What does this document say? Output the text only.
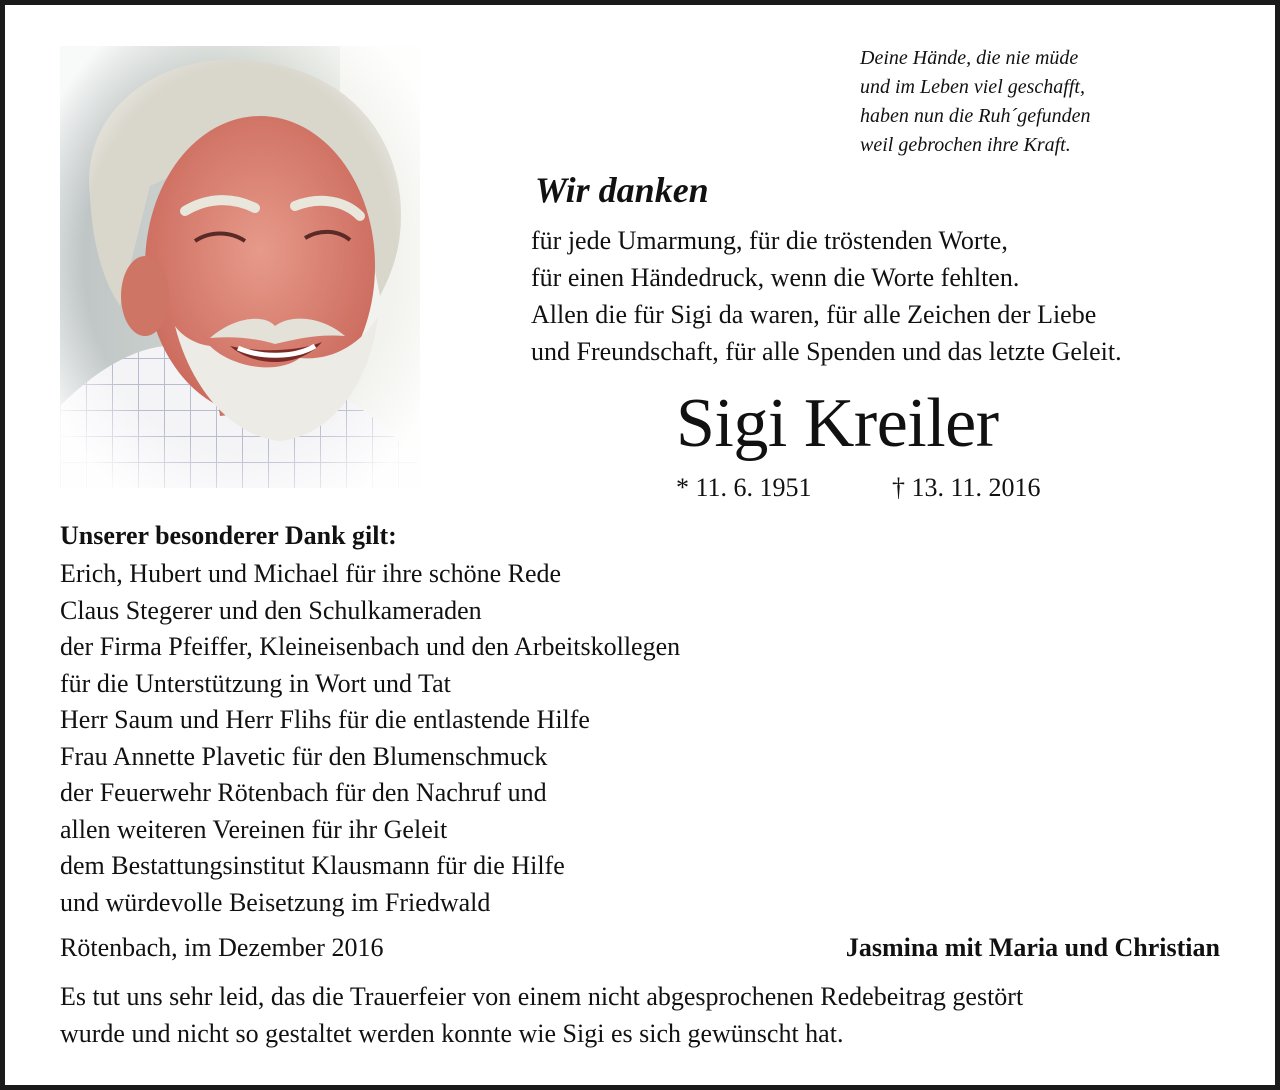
Deine Hände, die nie müde
und im Leben viel geschafft,
haben nun die Ruh´gefunden
weil gebrochen ihre Kraft.
Wir danken
für jede Umarmung, für die tröstenden Worte,
für einen Händedruck, wenn die Worte fehlten.
Allen die für Sigi da waren, für alle Zeichen der Liebe
und Freundschaft, für alle Spenden und das letzte Geleit.
Sigi Kreiler
* 11. 6. 1951	† 13. 11. 2016
Unserer besonderer Dank gilt:
Erich, Hubert und Michael für ihre schöne Rede
Claus Stegerer und den Schulkameraden
der Firma Pfeiffer, Kleineisenbach und den Arbeitskollegen
für die Unterstützung in Wort und Tat
Herr Saum und Herr Flihs für die entlastende Hilfe
Frau Annette Plavetic für den Blumenschmuck
der Feuerwehr Rötenbach für den Nachruf und
allen weiteren Vereinen für ihr Geleit
dem Bestattungsinstitut Klausmann für die Hilfe
und würdevolle Beisetzung im Friedwald
Rötenbach, im Dezember 2016	Jasmina mit Maria und Christian
Es tut uns sehr leid, das die Trauerfeier von einem nicht abgesprochenen Redebeitrag gestört
wurde und nicht so gestaltet werden konnte wie Sigi es sich gewünscht hat.
